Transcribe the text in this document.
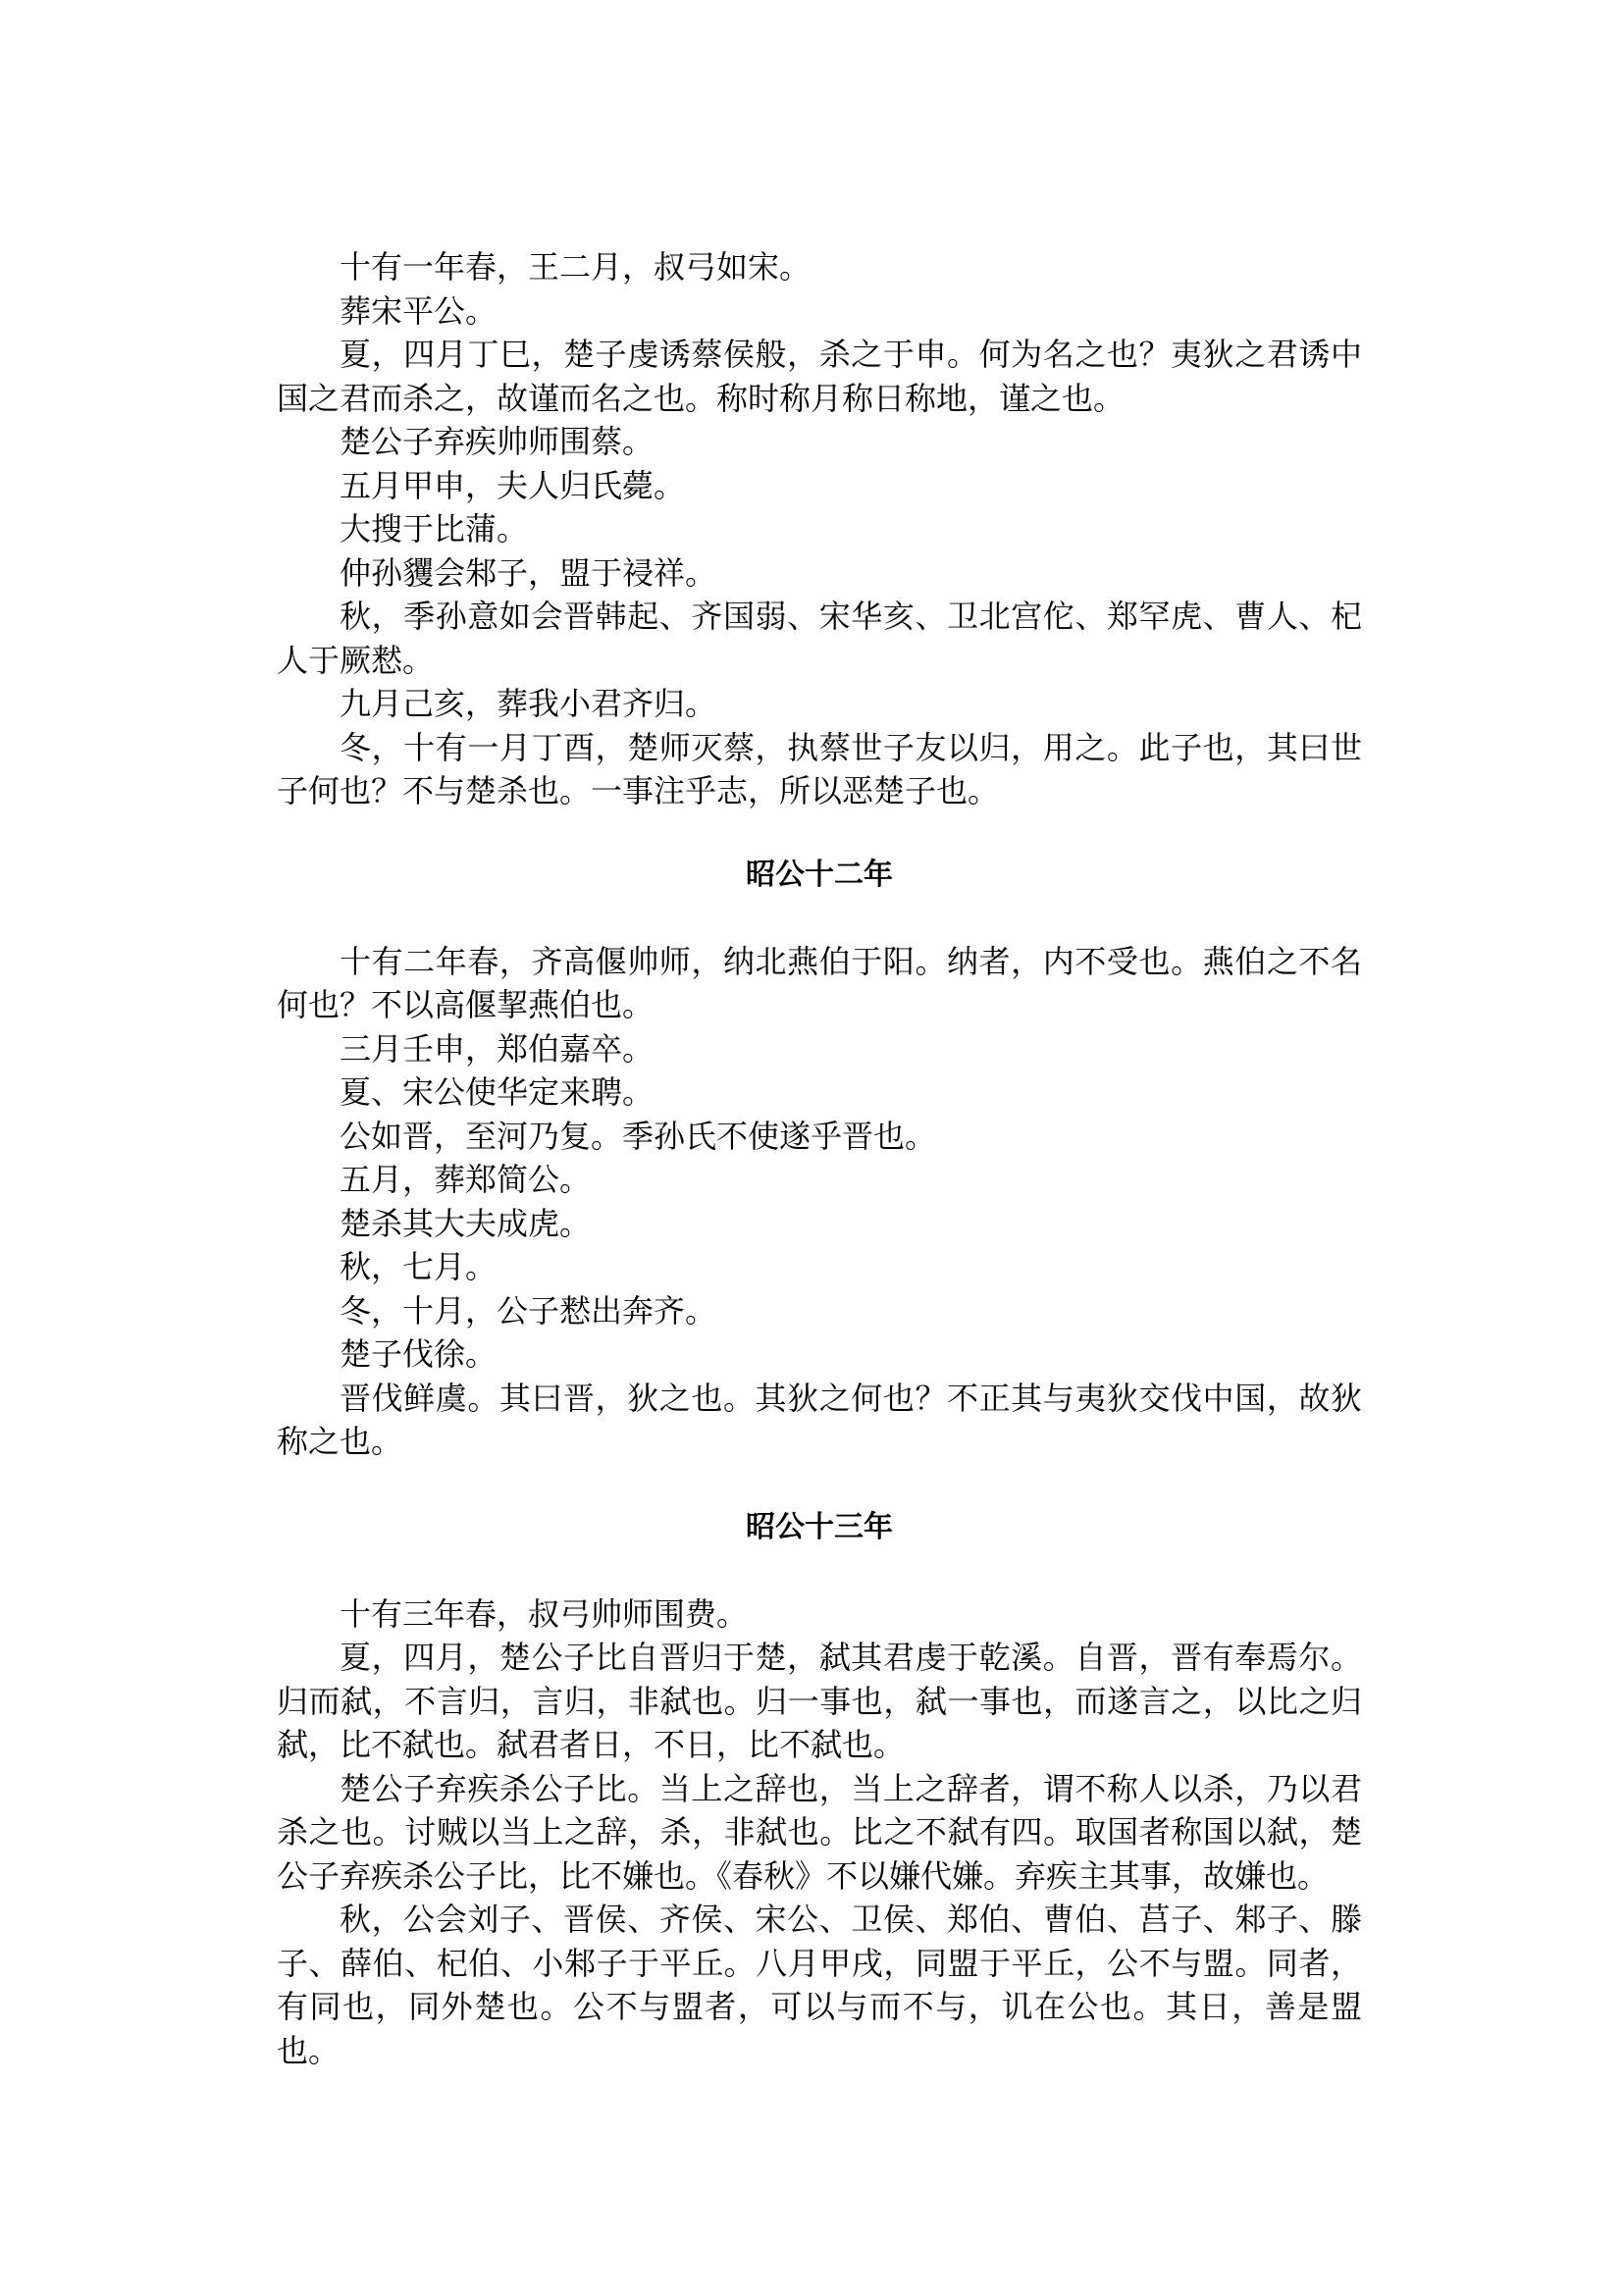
十有一年春，王二月，叔弓如宋。

葬宋平公。

夏，四月丁巳，楚子虔诱蔡侯般，杀之于申。何为名之也？夷狄之君诱中国之君而杀之，故谨而名之也。称时称月称日称地，谨之也。

楚公子弃疾帅师围蔡。

五月甲申，夫人归氏薨。

大搜于比蒲。

仲孙貜会邾子，盟于祲祥。

秋，季孙意如会晋韩起、齐国弱、宋华亥、卫北宫佗、郑罕虎、曹人、杞人于厥慭。

九月己亥，葬我小君齐归。

冬，十有一月丁酉，楚师灭蔡，执蔡世子友以归，用之。此子也，其曰世子何也？不与楚杀也。一事注乎志，所以恶楚子也。

昭公十二年

十有二年春，齐高偃帅师，纳北燕伯于阳。纳者，内不受也。燕伯之不名何也？不以高偃挈燕伯也。

三月壬申，郑伯嘉卒。

夏、宋公使华定来聘。

公如晋，至河乃复。季孙氏不使遂乎晋也。

五月，葬郑简公。

楚杀其大夫成虎。

秋，七月。

冬，十月，公子慭出奔齐。

楚子伐徐。

晋伐鲜虞。其曰晋，狄之也。其狄之何也？不正其与夷狄交伐中国，故狄称之也。

昭公十三年

十有三年春，叔弓帅师围费。

夏，四月，楚公子比自晋归于楚，弑其君虔于乾溪。自晋，晋有奉焉尔。归而弑，不言归，言归，非弑也。归一事也，弑一事也，而遂言之，以比之归弑，比不弑也。弑君者日，不日，比不弑也。

楚公子弃疾杀公子比。当上之辞也，当上之辞者，谓不称人以杀，乃以君杀之也。讨贼以当上之辞，杀，非弑也。比之不弑有四。取国者称国以弑，楚公子弃疾杀公子比，比不嫌也。《春秋》不以嫌代嫌。弃疾主其事，故嫌也。

秋，公会刘子、晋侯、齐侯、宋公、卫侯、郑伯、曹伯、莒子、邾子、滕子、薛伯、杞伯、小邾子于平丘。八月甲戌，同盟于平丘，公不与盟。同者，有同也，同外楚也。公不与盟者，可以与而不与，讥在公也。其日，善是盟也。
